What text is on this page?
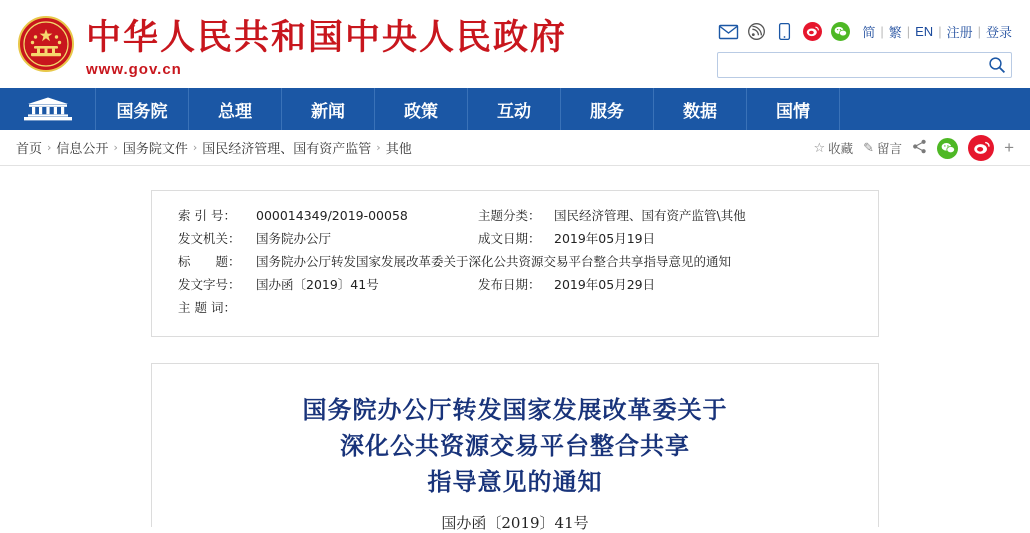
中华人民共和国中央人民政府
www.gov.cn
简 | 繁 | EN | 注册 | 登录
国务院	总理	新闻	政策	互动	服务	数据	国情
首页 › 信息公开 › 国务院文件 › 国民经济管理、国有资产监管 › 其他	☆ 收藏 ✎ 留言	+
索 引 号：	000014349/2019-00058	主题分类：	国民经济管理、国有资产监管\其他
发文机关：	国务院办公厅	成文日期：	2019年05月19日
标　　题：	国务院办公厅转发国家发展改革委关于深化公共资源交易平台整合共享指导意见的通知
发文字号：	国办函〔2019〕41号	发布日期：	2019年05月29日
主 题 词：
国务院办公厅转发国家发展改革委关于
深化公共资源交易平台整合共享
指导意见的通知
国办函〔2019〕41号
